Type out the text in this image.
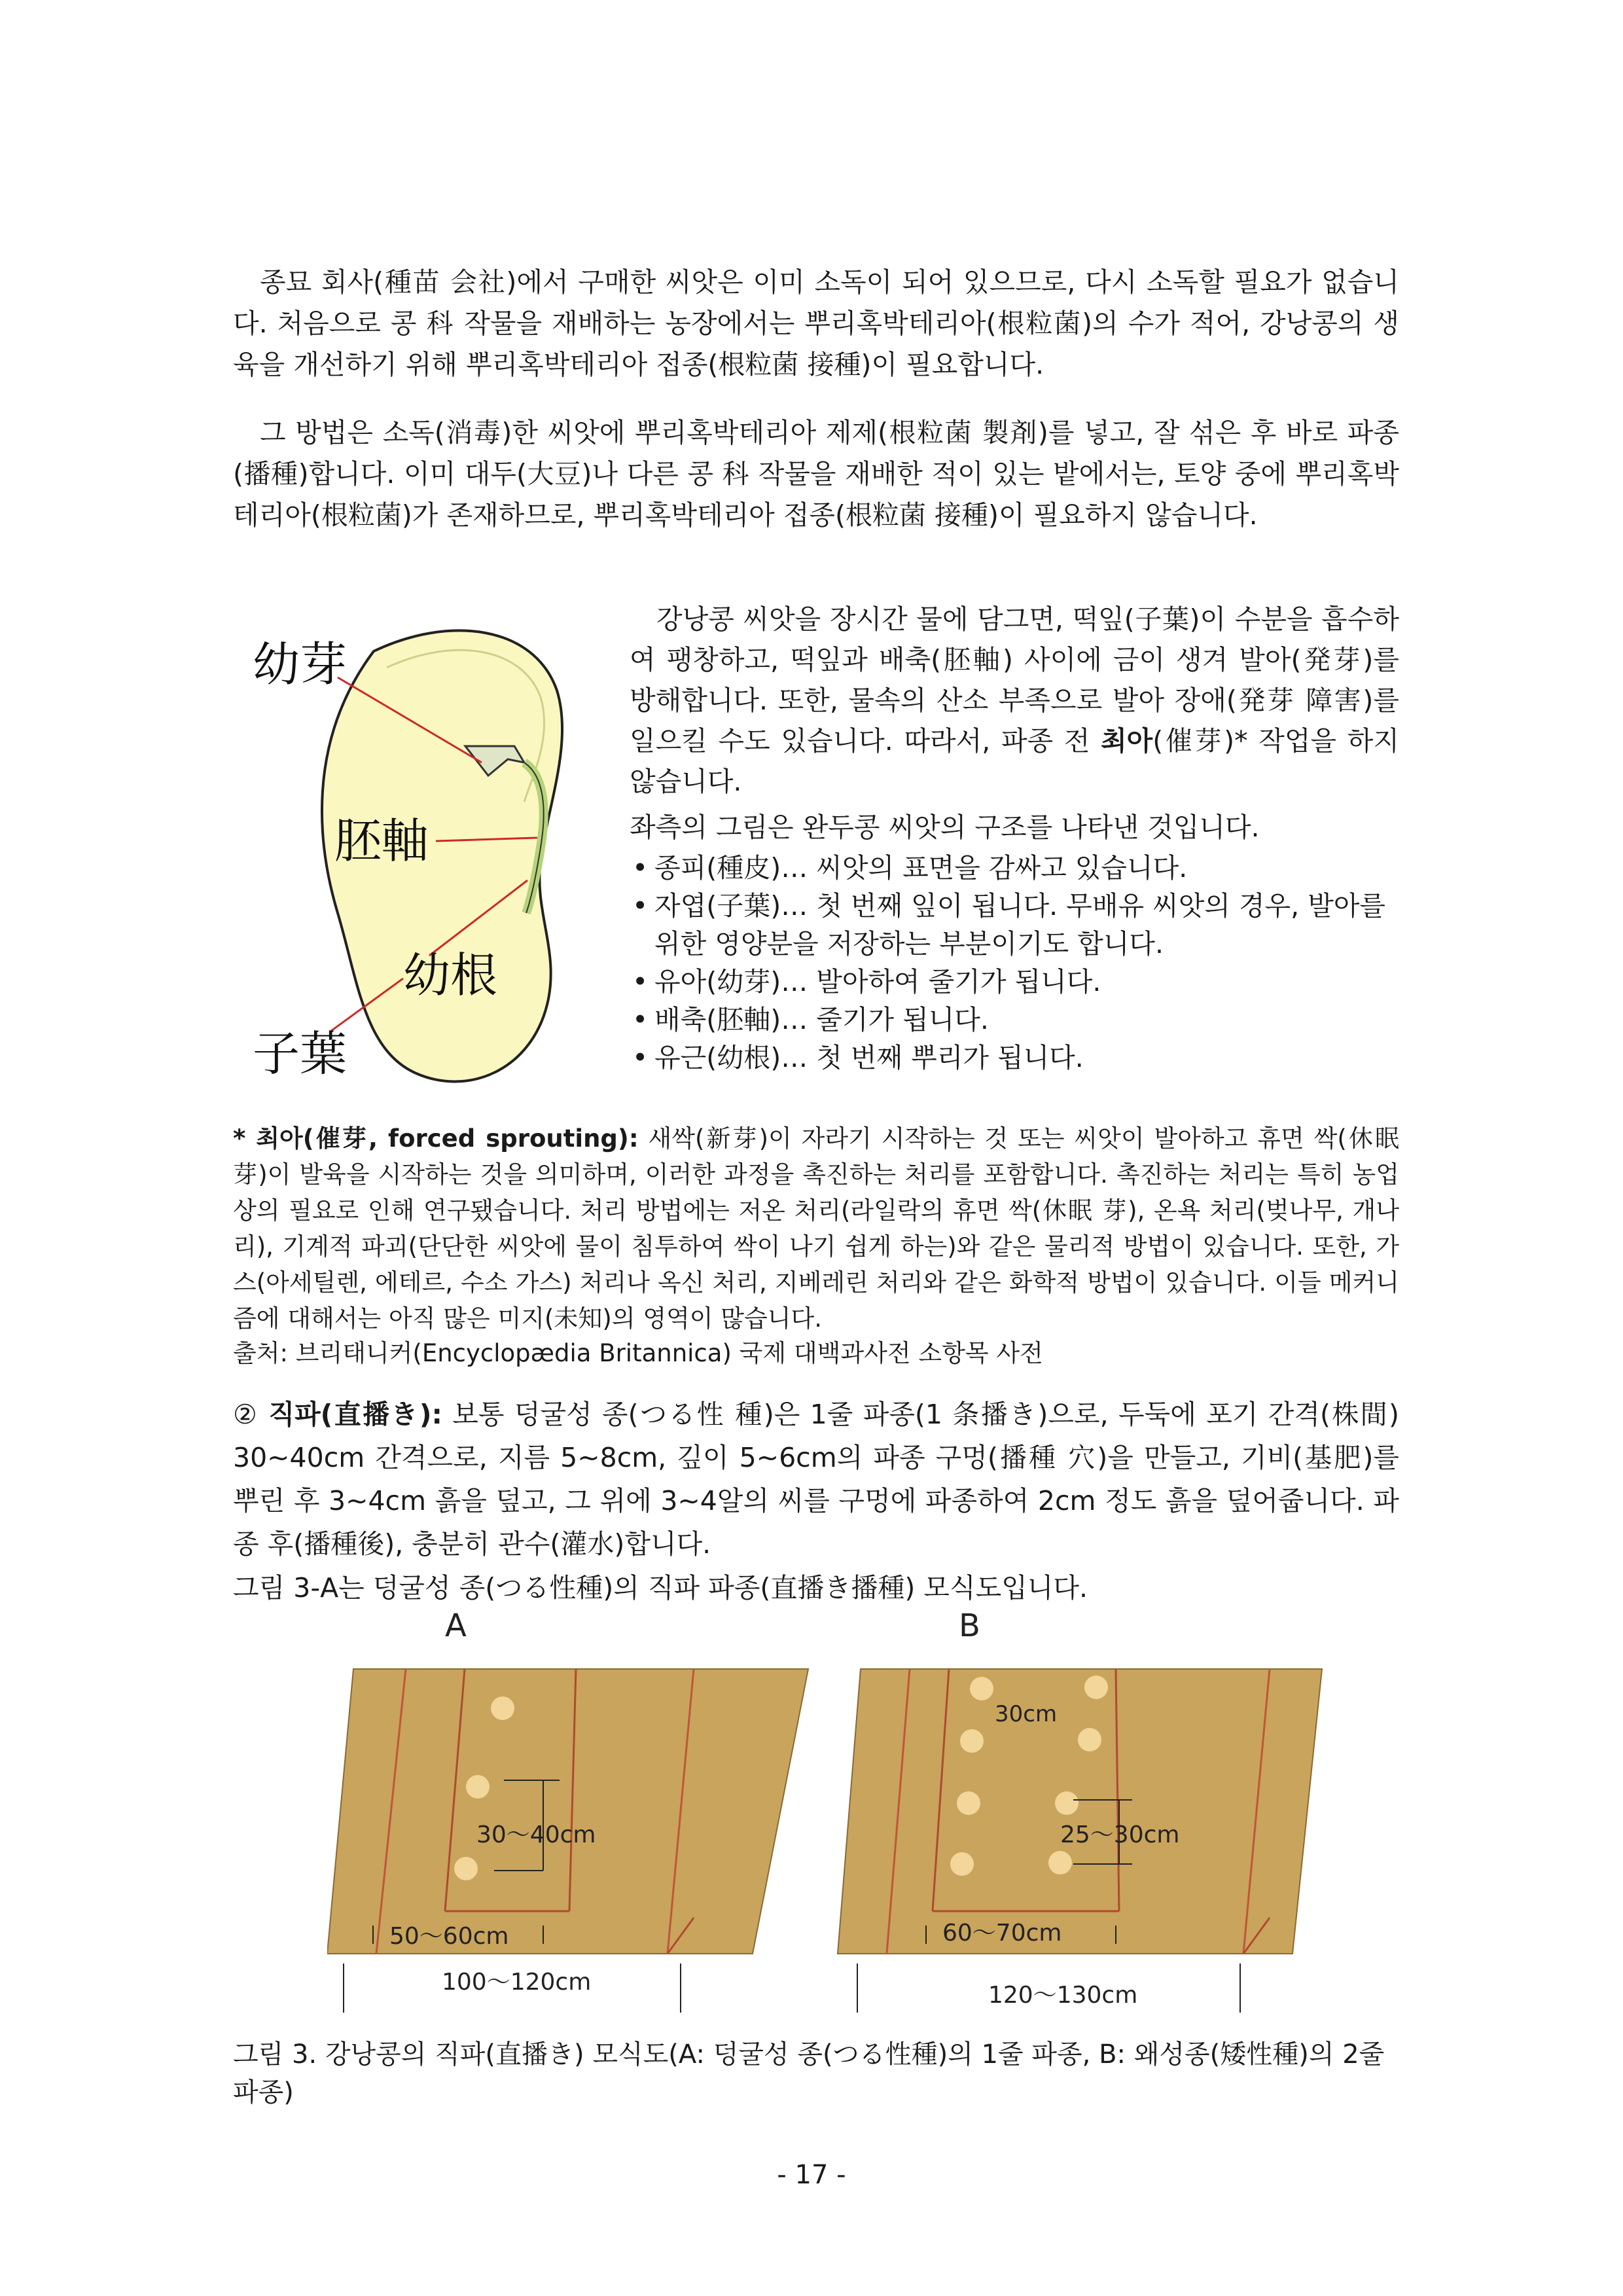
종묘 회사(種苗 会社)에서 구매한 씨앗은 이미 소독이 되어 있으므로, 다시 소독할 필요가 없습니다. 처음으로 콩 科 작물을 재배하는 농장에서는 뿌리혹박테리아(根粒菌)의 수가 적어, 강낭콩의 생육을 개선하기 위해 뿌리혹박테리아 접종(根粒菌 接種)이 필요합니다.
그 방법은 소독(消毒)한 씨앗에 뿌리혹박테리아 제제(根粒菌 製剤)를 넣고, 잘 섞은 후 바로 파종(播種)합니다. 이미 대두(大豆)나 다른 콩 科 작물을 재배한 적이 있는 밭에서는, 토양 중에 뿌리혹박테리아(根粒菌)가 존재하므로, 뿌리혹박테리아 접종(根粒菌 接種)이 필요하지 않습니다.
幼芽
胚軸
幼根
子葉
강낭콩 씨앗을 장시간 물에 담그면, 떡잎(子葉)이 수분을 흡수하여 팽창하고, 떡잎과 배축(胚軸) 사이에 금이 생겨 발아(発芽)를 방해합니다. 또한, 물속의 산소 부족으로 발아 장애(発芽 障害)를 일으킬 수도 있습니다. 따라서, 파종 전 최아(催芽)* 작업을 하지 않습니다.
좌측의 그림은 완두콩 씨앗의 구조를 나타낸 것입니다.
• 종피(種皮)… 씨앗의 표면을 감싸고 있습니다.
• 자엽(子葉)… 첫 번째 잎이 됩니다. 무배유 씨앗의 경우, 발아를 위한 영양분을 저장하는 부분이기도 합니다.
• 유아(幼芽)… 발아하여 줄기가 됩니다.
• 배축(胚軸)… 줄기가 됩니다.
• 유근(幼根)… 첫 번째 뿌리가 됩니다.
* 최아(催芽, forced sprouting): 새싹(新芽)이 자라기 시작하는 것 또는 씨앗이 발아하고 휴면 싹(休眠 芽)이 발육을 시작하는 것을 의미하며, 이러한 과정을 촉진하는 처리를 포함합니다. 촉진하는 처리는 특히 농업상의 필요로 인해 연구됐습니다. 처리 방법에는 저온 처리(라일락의 휴면 싹(休眠 芽), 온욕 처리(벚나무, 개나리), 기계적 파괴(단단한 씨앗에 물이 침투하여 싹이 나기 쉽게 하는)와 같은 물리적 방법이 있습니다. 또한, 가스(아세틸렌, 에테르, 수소 가스) 처리나 옥신 처리, 지베레린 처리와 같은 화학적 방법이 있습니다. 이들 메커니즘에 대해서는 아직 많은 미지(未知)의 영역이 많습니다.
출처: 브리태니커(Encyclopædia Britannica) 국제 대백과사전 소항목 사전
② 직파(直播き): 보통 덩굴성 종(つる性 種)은 1줄 파종(1 条播き)으로, 두둑에 포기 간격(株間) 30~40cm 간격으로, 지름 5~8cm, 깊이 5~6cm의 파종 구멍(播種 穴)을 만들고, 기비(基肥)를 뿌린 후 3~4cm 흙을 덮고, 그 위에 3~4알의 씨를 구멍에 파종하여 2cm 정도 흙을 덮어줍니다. 파종 후(播種後), 충분히 관수(灌水)합니다.
그림 3-A는 덩굴성 종(つる性種)의 직파 파종(直播き播種) 모식도입니다.
A
30～40cm
50～60cm
100～120cm
B
30cm
25～30cm
60～70cm
120～130cm
그림 3. 강낭콩의 직파(直播き) 모식도(A: 덩굴성 종(つる性種)의 1줄 파종, B: 왜성종(矮性種)의 2줄 파종)
- 17 -
